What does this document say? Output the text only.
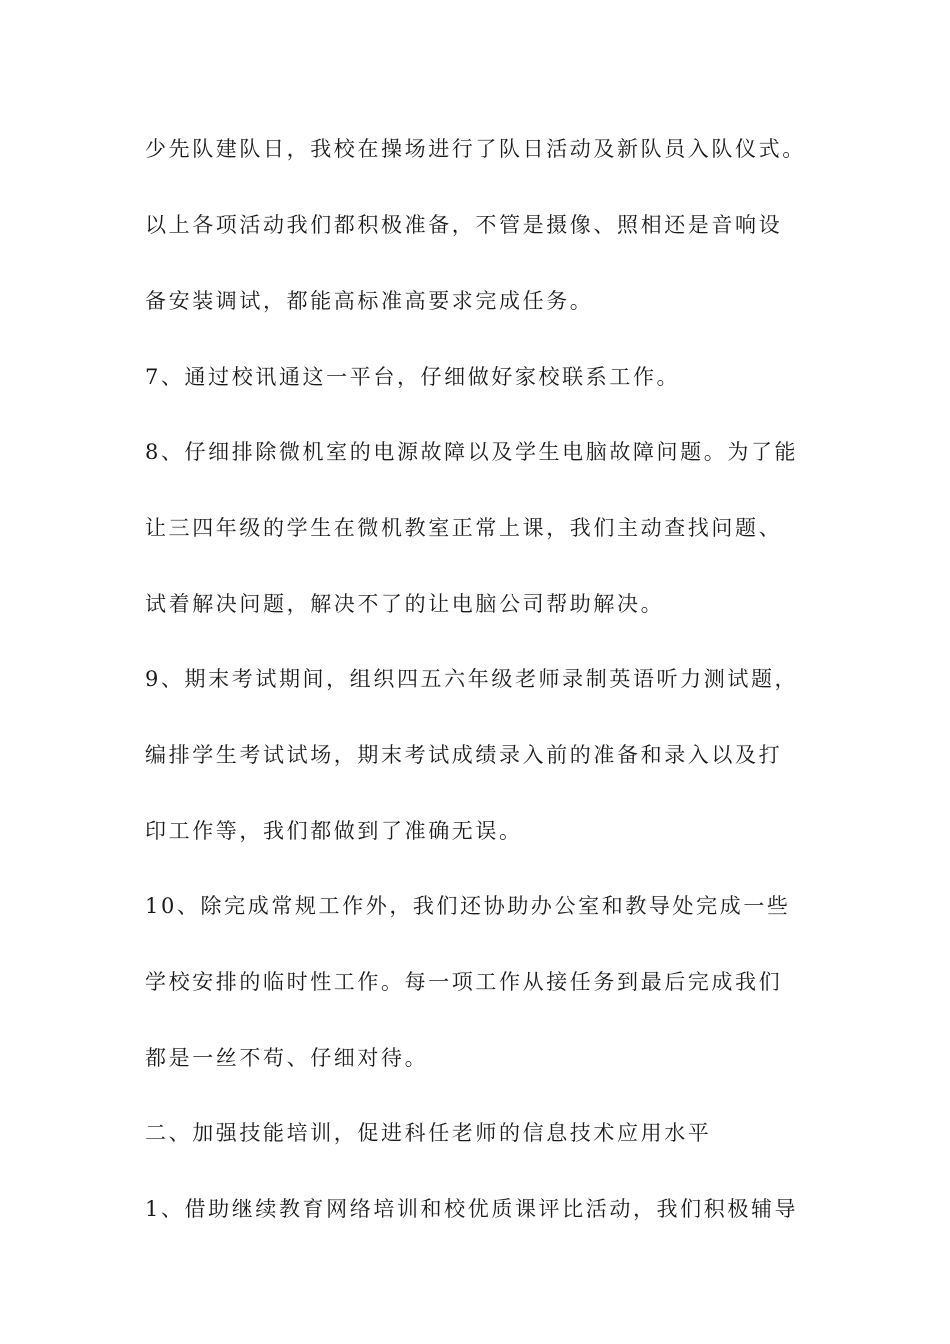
少先队建队日，我校在操场进行了队日活动及新队员入队仪式。
以上各项活动我们都积极准备，不管是摄像、照相还是音响设
备安装调试，都能高标准高要求完成任务。
7、通过校讯通这一平台，仔细做好家校联系工作。
8、仔细排除微机室的电源故障以及学生电脑故障问题。为了能
让三四年级的学生在微机教室正常上课，我们主动查找问题、
试着解决问题，解决不了的让电脑公司帮助解决。
9、期末考试期间，组织四五六年级老师录制英语听力测试题，
编排学生考试试场，期末考试成绩录入前的准备和录入以及打
印工作等，我们都做到了准确无误。
10、除完成常规工作外，我们还协助办公室和教导处完成一些
学校安排的临时性工作。每一项工作从接任务到最后完成我们
都是一丝不苟、仔细对待。
二、加强技能培训，促进科任老师的信息技术应用水平
1、借助继续教育网络培训和校优质课评比活动，我们积极辅导
